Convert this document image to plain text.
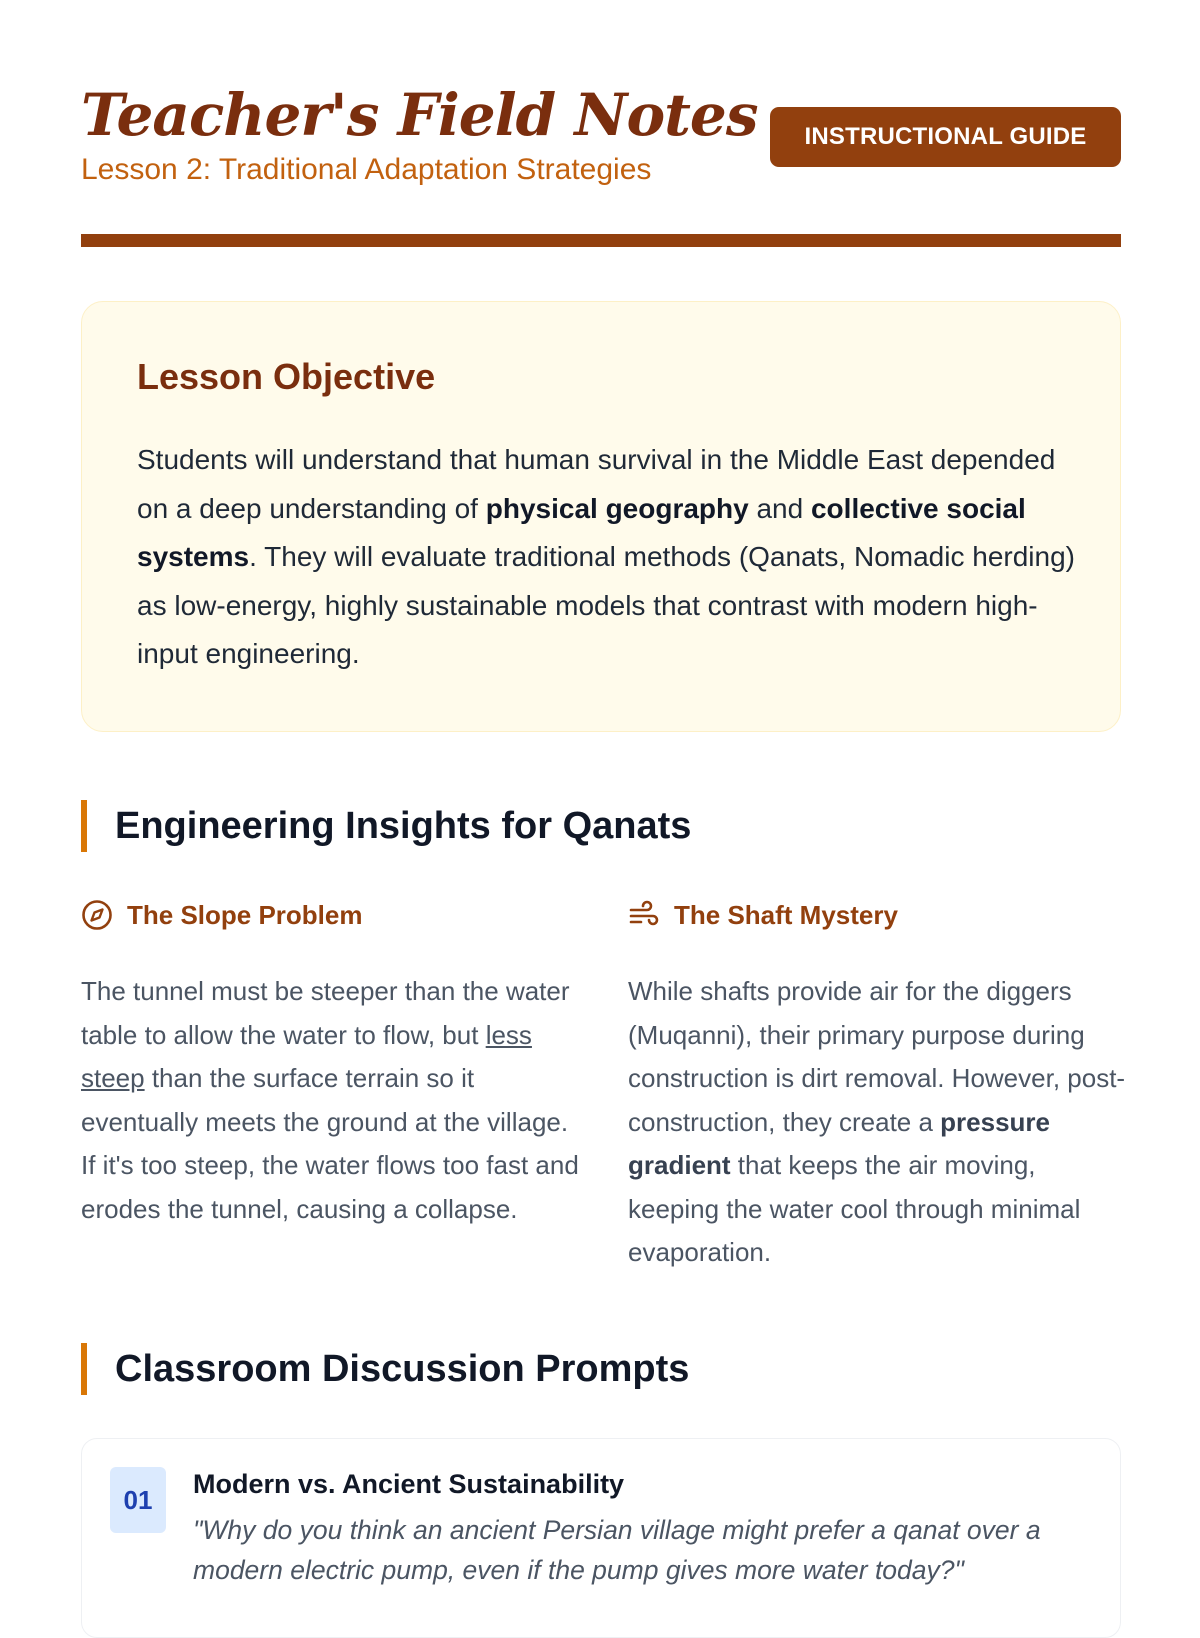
Teacher's Field Notes

Lesson 2: Traditional Adaptation Strategies

INSTRUCTIONAL GUIDE
Lesson Objective

Students will understand that human survival in the Middle East depended on a deep understanding of physical geography and collective social systems. They will evaluate traditional methods (Qanats, Nomadic herding) as low-energy, highly sustainable models that contrast with modern high-input engineering.

Engineering Insights for Qanats
The Slope Problem

The tunnel must be steeper than the water table to allow the water to flow, but less steep than the surface terrain so it eventually meets the ground at the village. If it's too steep, the water flows too fast and erodes the tunnel, causing a collapse.

The Shaft Mystery

While shafts provide air for the diggers (Muqanni), their primary purpose during construction is dirt removal. However, post-construction, they create a pressure gradient that keeps the air moving, keeping the water cool through minimal evaporation.

Classroom Discussion Prompts
01
Modern vs. Ancient Sustainability

"Why do you think an ancient Persian village might prefer a qanat over a modern electric pump, even if the pump gives more water today?"
